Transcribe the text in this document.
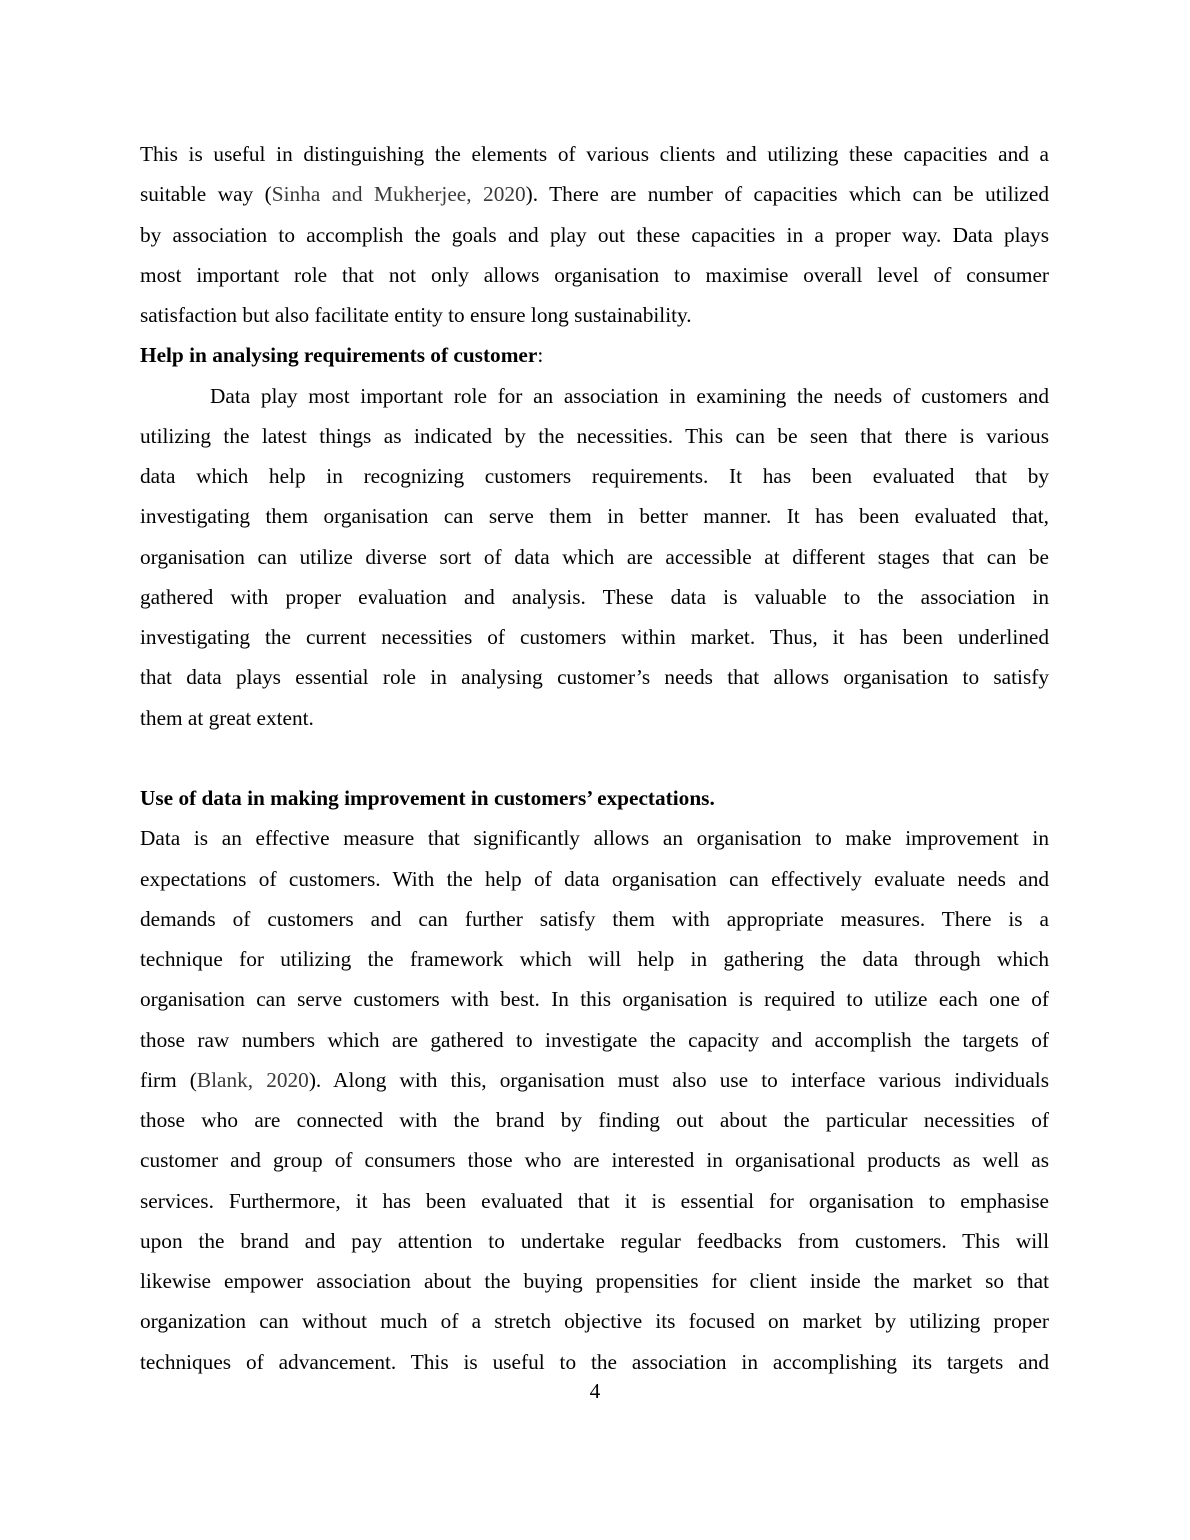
This is useful in distinguishing the elements of various clients and utilizing these capacities and a
suitable way (Sinha and Mukherjee, 2020). There are number of capacities which can be utilized
by association to accomplish the goals and play out these capacities in a proper way. Data plays
most important role that not only allows organisation to maximise overall level of consumer
satisfaction but also facilitate entity to ensure long sustainability.
Help in analysing requirements of customer:
Data play most important role for an association in examining the needs of customers and
utilizing the latest things as indicated by the necessities. This can be seen that there is various
data which help in recognizing customers requirements. It has been evaluated that by
investigating them organisation can serve them in better manner. It has been evaluated that,
organisation can utilize diverse sort of data which are accessible at different stages that can be
gathered with proper evaluation and analysis. These data is valuable to the association in
investigating the current necessities of customers within market. Thus, it has been underlined
that data plays essential role in analysing customer’s needs that allows organisation to satisfy
them at great extent.
Use of data in making improvement in customers’ expectations.
Data is an effective measure that significantly allows an organisation to make improvement in
expectations of customers. With the help of data organisation can effectively evaluate needs and
demands of customers and can further satisfy them with appropriate measures. There is a
technique for utilizing the framework which will help in gathering the data through which
organisation can serve customers with best. In this organisation is required to utilize each one of
those raw numbers which are gathered to investigate the capacity and accomplish the targets of
firm (Blank, 2020). Along with this, organisation must also use to interface various individuals
those who are connected with the brand by finding out about the particular necessities of
customer and group of consumers those who are interested in organisational products as well as
services. Furthermore, it has been evaluated that it is essential for organisation to emphasise
upon the brand and pay attention to undertake regular feedbacks from customers. This will
likewise empower association about the buying propensities for client inside the market so that
organization can without much of a stretch objective its focused on market by utilizing proper
techniques of advancement. This is useful to the association in accomplishing its targets and
4
